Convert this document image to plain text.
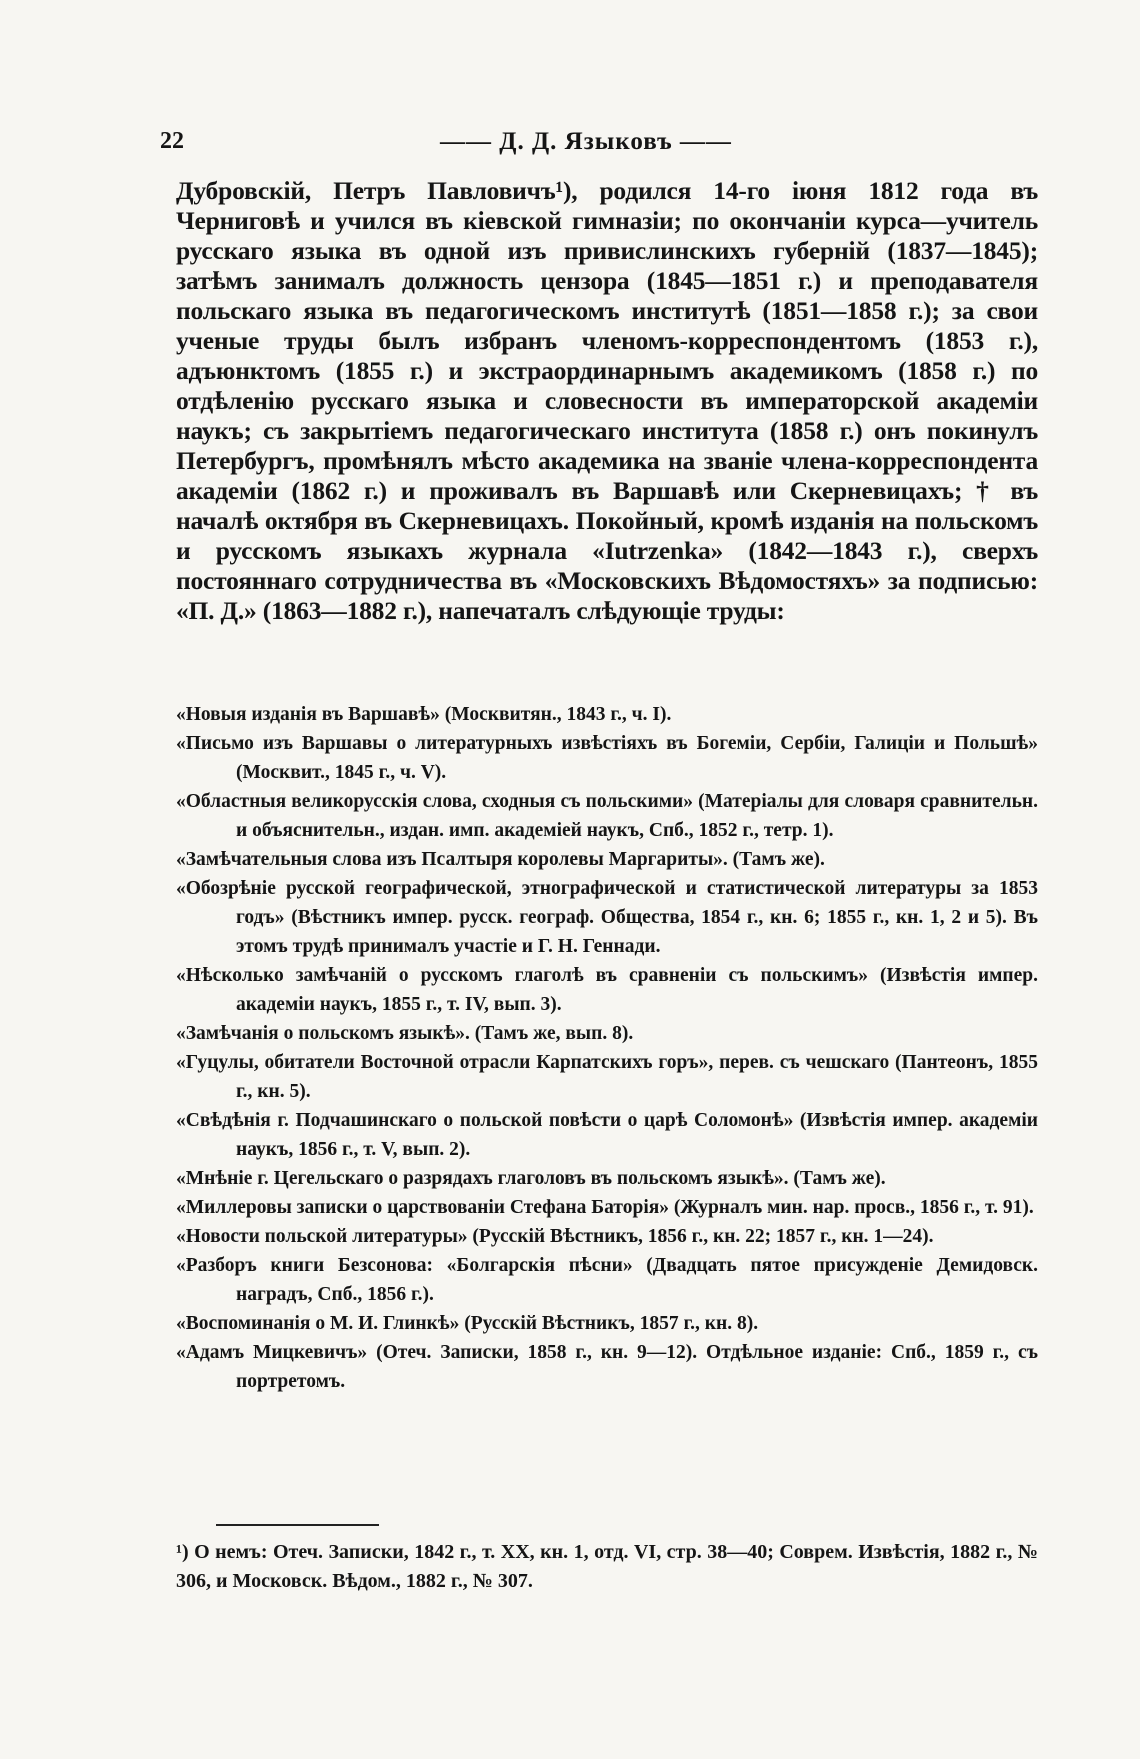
22	—— Д. Д. Языковъ ——

Дубровскій, Петръ Павловичъ¹), родился 14-го іюня 1812 года въ Черниговѣ и учился въ кіевской гимназіи; по окончаніи курса—учитель русскаго языка въ одной изъ привислинскихъ губерній (1837—1845); затѣмъ занималъ должность цензора (1845—1851 г.) и преподавателя польскаго языка въ педагогическомъ институтѣ (1851—1858 г.); за свои ученые труды былъ избранъ членомъ-корреспондентомъ (1853 г.), адъюнктомъ (1855 г.) и экстраординарнымъ академикомъ (1858 г.) по отдѣленію русскаго языка и словесности въ императорской академіи наукъ; съ закрытіемъ педагогическаго института (1858 г.) онъ покинулъ Петербургъ, промѣнялъ мѣсто академика на званіе члена-корреспондента академіи (1862 г.) и проживалъ въ Варшавѣ или Скерневицахъ; † въ началѣ октября въ Скерневицахъ. Покойный, кромѣ изданія на польскомъ и русскомъ языкахъ журнала «Iutrzenka» (1842—1843 г.), сверхъ постояннаго сотрудничества въ «Московскихъ Вѣдомостяхъ» за подписью: «П. Д.» (1863—1882 г.), напечаталъ слѣдующіе труды:

«Новыя изданія въ Варшавѣ» (Москвитян., 1843 г., ч. I).

«Письмо изъ Варшавы о литературныхъ извѣстіяхъ въ Богеміи, Сербіи, Галиціи и Польшѣ» (Москвит., 1845 г., ч. V).

«Областныя великорусскія слова, сходныя съ польскими» (Матеріалы для словаря сравнительн. и объяснительн., издан. имп. академіей наукъ, Спб., 1852 г., тетр. 1).

«Замѣчательныя слова изъ Псалтыря королевы Маргариты». (Тамъ же).

«Обозрѣніе русской географической, этнографической и статистической литературы за 1853 годъ» (Вѣстникъ импер. русск. географ. Общества, 1854 г., кн. 6; 1855 г., кн. 1, 2 и 5). Въ этомъ трудѣ принималъ участіе и Г. Н. Геннади.

«Нѣсколько замѣчаній о русскомъ глаголѣ въ сравненіи съ польскимъ» (Извѣстія импер. академіи наукъ, 1855 г., т. IV, вып. 3).

«Замѣчанія о польскомъ языкѣ». (Тамъ же, вып. 8).

«Гуцулы, обитатели Восточной отрасли Карпатскихъ горъ», перев. съ чешскаго (Пантеонъ, 1855 г., кн. 5).

«Свѣдѣнія г. Подчашинскаго о польской повѣсти о царѣ Соломонѣ» (Извѣстія импер. академіи наукъ, 1856 г., т. V, вып. 2).

«Мнѣніе г. Цегельскаго о разрядахъ глаголовъ въ польскомъ языкѣ». (Тамъ же).

«Миллеровы записки о царствованіи Стефана Баторія» (Журналъ мин. нар. просв., 1856 г., т. 91).

«Новости польской литературы» (Русскій Вѣстникъ, 1856 г., кн. 22; 1857 г., кн. 1—24).

«Разборъ книги Безсонова: «Болгарскія пѣсни» (Двадцать пятое присужденіе Демидовск. наградъ, Спб., 1856 г.).

«Воспоминанія о М. И. Глинкѣ» (Русскій Вѣстникъ, 1857 г., кн. 8).

«Адамъ Мицкевичъ» (Отеч. Записки, 1858 г., кн. 9—12). Отдѣльное изданіе: Спб., 1859 г., съ портретомъ.

¹) О немъ: Отеч. Записки, 1842 г., т. XX, кн. 1, отд. VI, стр. 38—40; Соврем. Извѣстія, 1882 г., № 306, и Московск. Вѣдом., 1882 г., № 307.
